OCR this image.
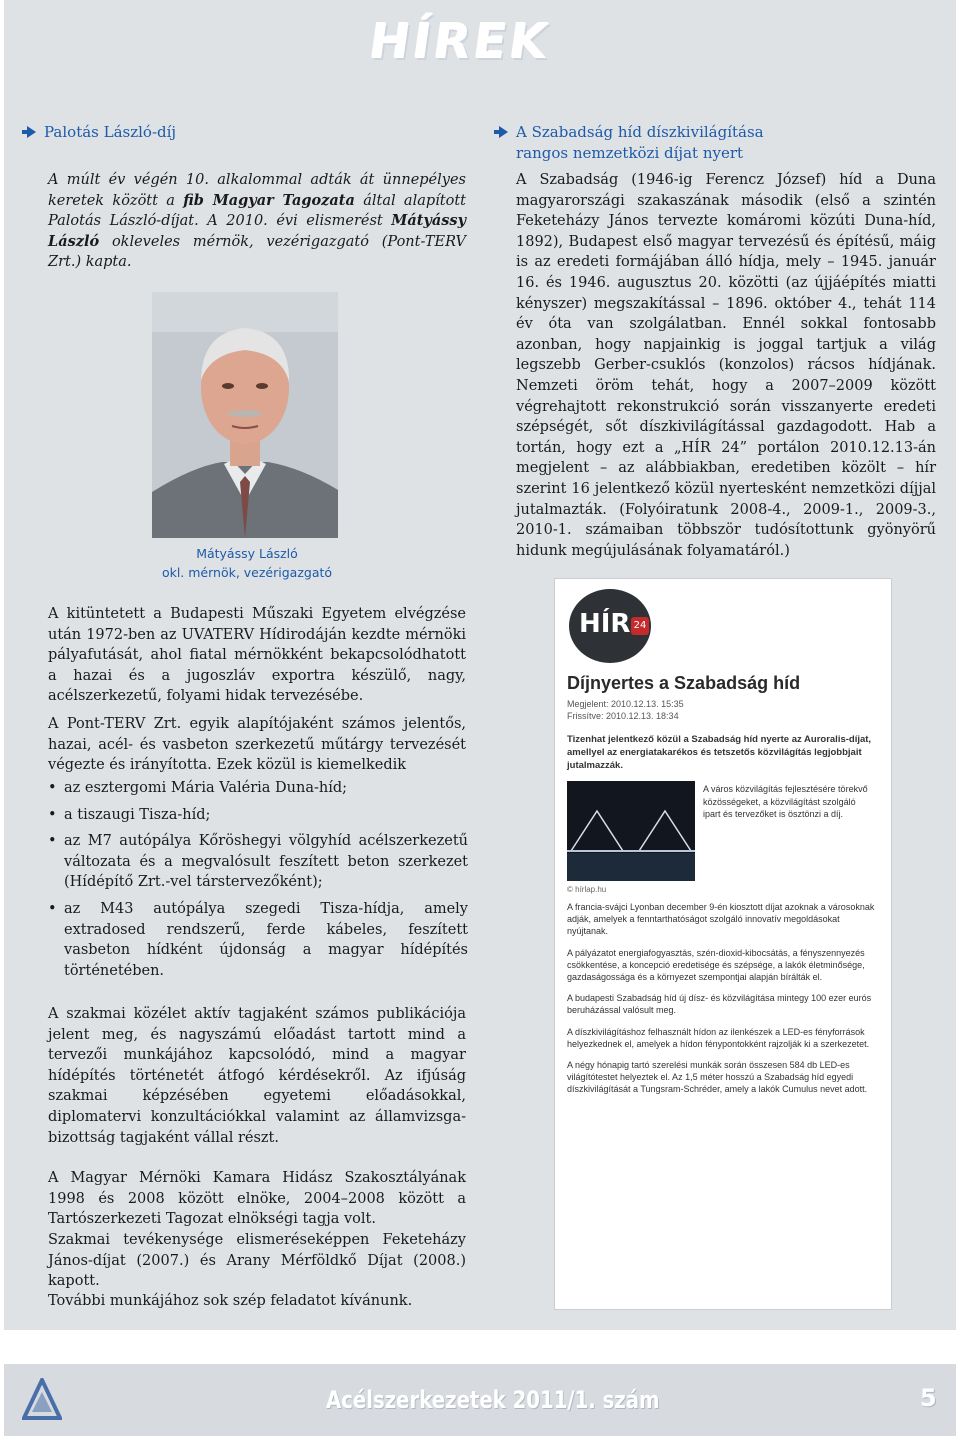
HÍREK
Palotás László-díj
A múlt év végén 10. alkalommal adták át ünnepélyes keretek között a fib Magyar Tagozata által alapított Palotás László-díjat. A 2010. évi elismerést Mátyássy László okleveles mérnök, vezérigazgató (Pont-TERV Zrt.) kapta.
Mátyássy László
okl. mérnök, vezérigazgató
A Szabadság híd díszkivilágítása
rangos nemzetközi díjat nyert
A Szabadság (1946-ig Ferencz József) híd a Duna magyarországi szakaszának második (első a szintén Feketeházy János tervezte komáromi közúti Duna-híd, 1892), Budapest első magyar tervezésű és építésű, máig is az eredeti formájában álló hídja, mely – 1945. január 16. és 1946. augusztus 20. közötti (az újjáépítés miatti kényszer) megszakítással – 1896. október 4., tehát 114 év óta van szolgálatban. Ennél sokkal fontosabb azonban, hogy napjainkig is joggal tartjuk a világ legszebb Gerber-csuklós (konzolos) rácsos hídjának. Nemzeti öröm tehát, hogy a 2007–2009 között végrehajtott rekonstrukció során visszanyerte eredeti szépségét, sőt díszkivilágítással gazdagodott. Hab a tortán, hogy ezt a „HÍR 24” portálon 2010.12.13-án megjelent – az alábbiakban, eredetiben közölt – hír szerint 16 jelentkező közül nyertesként nemzetközi díjjal jutalmazták. (Folyóiratunk 2008-4., 2009-1., 2009-3., 2010-1. számaiban többször tudósítottunk gyönyörű hidunk megújulásának folyamatáról.)
A kitüntetett a Budapesti Műszaki Egyetem elvégzése után 1972-ben az UVATERV Hídirodáján kezdte mérnöki pályafutását, ahol fiatal mérnökként bekapcsolódhatott a hazai és a jugoszláv exportra készülő, nagy, acélszerkezetű, folyami hidak tervezésébe.
A Pont-TERV Zrt. egyik alapítójaként számos jelentős, hazai, acél- és vasbeton szerkezetű műtárgy tervezését végezte és irányította. Ezek közül is kiemelkedik
• az esztergomi Mária Valéria Duna-híd;
• a tiszaugi Tisza-híd;
• az M7 autópálya Kőröshegyi völgyhíd acélszerkezetű változata és a megvalósult feszített beton szerkezet (Hídépítő Zrt.-vel társtervezőként);
• az M43 autópálya szegedi Tisza-hídja, amely extradosed rendszerű, ferde kábeles, feszített vasbeton hídként újdonság a magyar hídépítés történetében.
A szakmai közélet aktív tagjaként számos publikációja jelent meg, és nagyszámú előadást tartott mind a tervezői munkájához kapcsolódó, mind a magyar hídépítés történetét átfogó kérdésekről. Az ifjúság szakmai képzésében egyetemi előadásokkal, diplomatervi konzultációkkal valamint az államvizsga-bizottság tagjaként vállal részt.
A Magyar Mérnöki Kamara Hidász Szakosztályának 1998 és 2008 között elnöke, 2004–2008 között a Tartószerkezeti Tagozat elnökségi tagja volt.
Szakmai tevékenysége elismeréseképpen Feketeházy János-díjat (2007.) és Arany Mérföldkő Díjat (2008.) kapott.
További munkájához sok szép feladatot kívánunk.
HÍR 24
Díjnyertes a Szabadság híd
Megjelent: 2010.12.13. 15:35
Frissítve: 2010.12.13. 18:34
Tizenhat jelentkező közül a Szabadság híd nyerte az Auroralis-díjat, amellyel az energiatakarékos és tetszetős közvilágítás legjobbjait jutalmazzák.
© hírlap.hu
A város közvilágítás fejlesztésére törekvő közösségeket, a közvilágítást szolgáló ipart és tervezőket is ösztönzi a díj.

A francia-svájci Lyonban december 9-én kiosztott díjat azoknak a városoknak adják, amelyek a fenntarthatóságot szolgáló innovatív megoldásokat nyújtanak.

A pályázatot energiafogyasztás, szén-dioxid-kibocsátás, a fényszennyezés csökkentése, a koncepció eredetisége és szépsége, a lakók életminősége, gazdaságossága és a környezet szempontjai alapján bírálták el.

A budapesti Szabadság híd új dísz- és közvilágítása mintegy 100 ezer eurós beruházással valósult meg.

A díszkivilágításhoz felhasznált hídon az ilenkészek a LED-es fényforrások helyezkednek el, amelyek a hídon fénypontokként rajzolják ki a szerkezetet.

A négy hónapig tartó szerelési munkák során összesen 584 db LED-es világítótestet helyeztek el. Az 1,5 méter hosszú a Szabadság híd egyedi díszkivilágítását a Tungsram-Schréder, amely a lakók Cumulus nevet adott.

Acélszerkezetek 2011/1. szám	5
